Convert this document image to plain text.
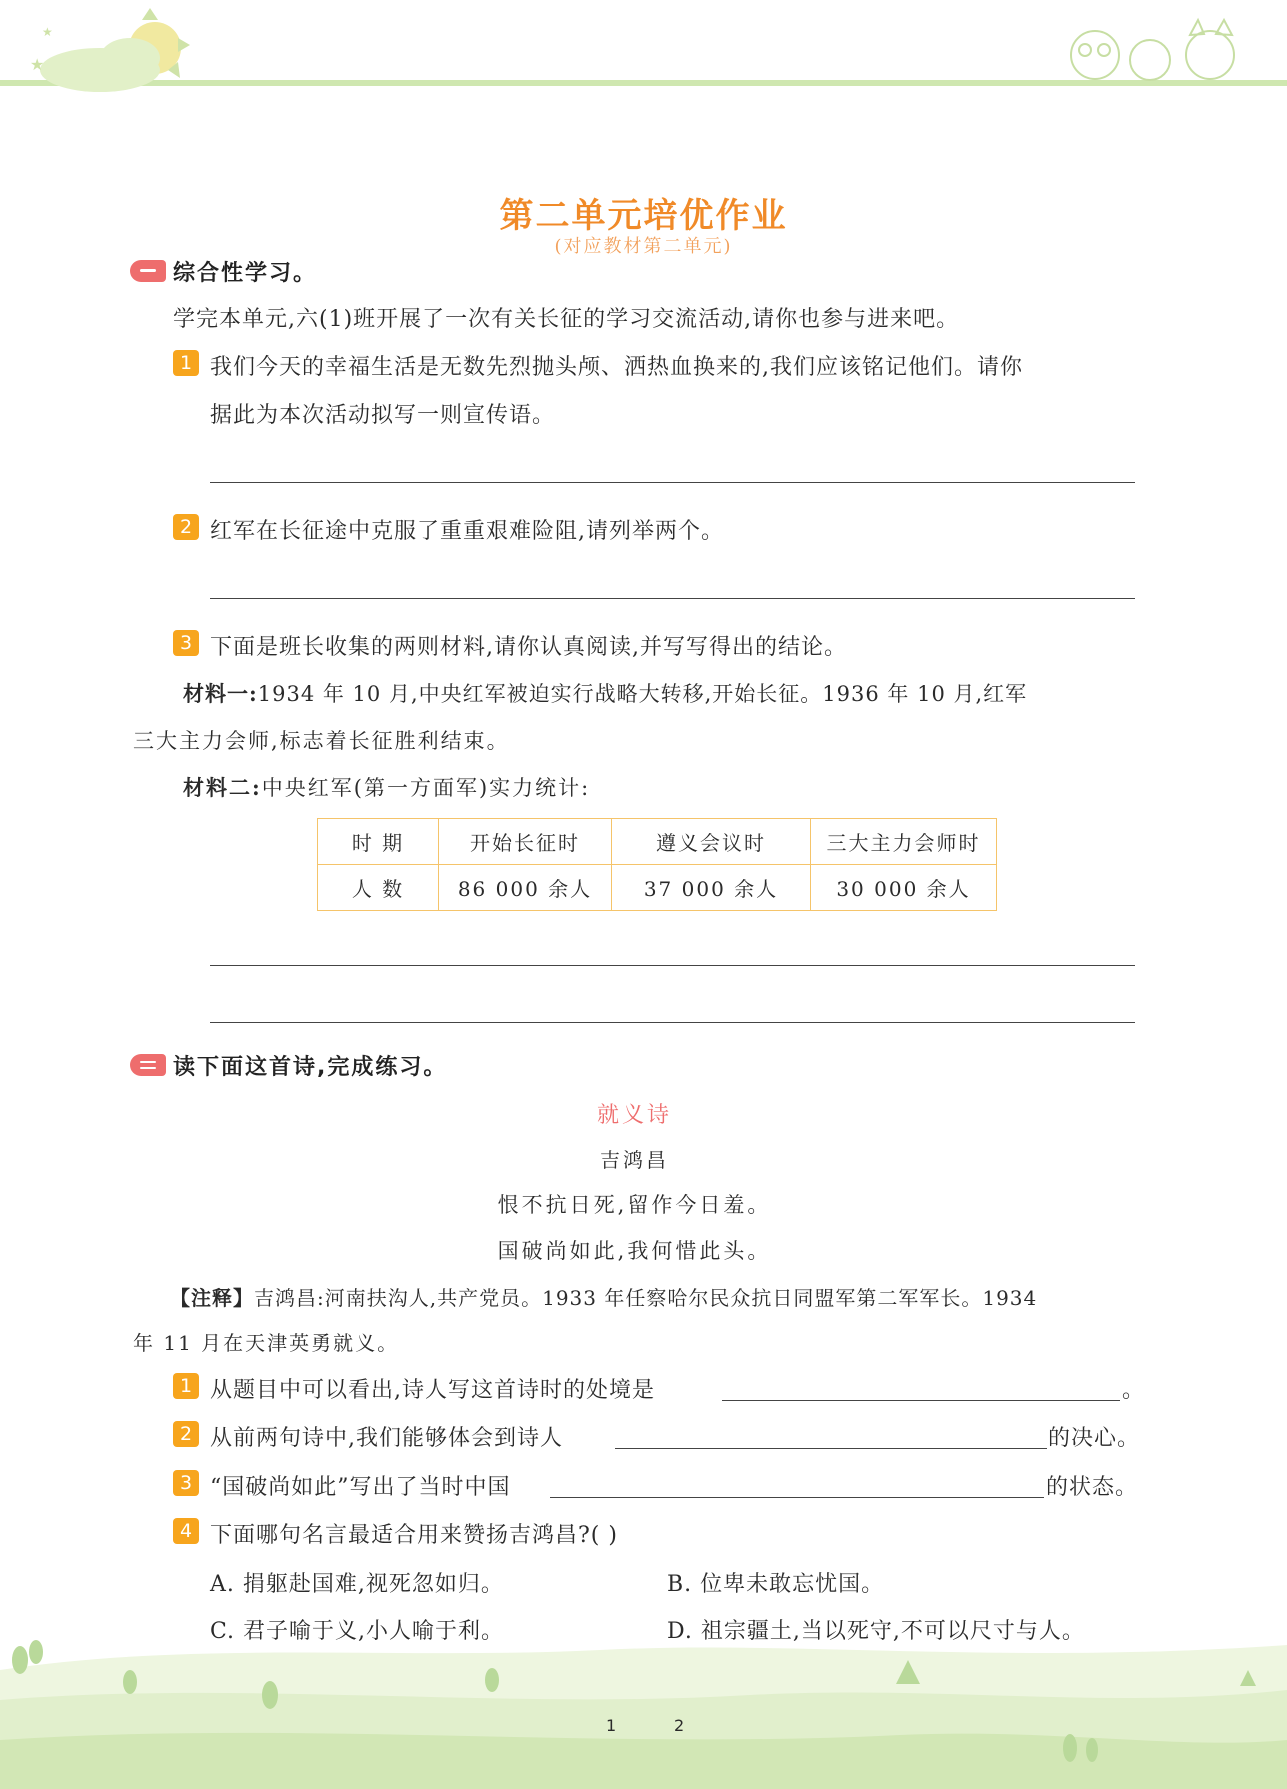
★
★
第二单元培优作业
(对应教材第二单元)
综合性学习。
学完本单元,六(1)班开展了一次有关长征的学习交流活动,请你也参与进来吧。
1 我们今天的幸福生活是无数先烈抛头颅、洒热血换来的,我们应该铭记他们。请你
据此为本次活动拟写一则宣传语。
2 红军在长征途中克服了重重艰难险阻,请列举两个。
3 下面是班长收集的两则材料,请你认真阅读,并写写得出的结论。
材料一:1934 年 10 月,中央红军被迫实行战略大转移,开始长征。1936 年 10 月,红军
三大主力会师,标志着长征胜利结束。
材料二:中央红军(第一方面军)实力统计:
时 期	开始长征时	遵义会议时	三大主力会师时
人 数	86 000 余人	37 000 余人	30 000 余人
读下面这首诗,完成练习。
就义诗
吉鸿昌
恨不抗日死,留作今日羞。
国破尚如此,我何惜此头。
【注释】吉鸿昌:河南扶沟人,共产党员。1933 年任察哈尔民众抗日同盟军第二军军长。1934
年 11 月在天津英勇就义。
1 从题目中可以看出,诗人写这首诗时的处境是	。
2 从前两句诗中,我们能够体会到诗人	的决心。
3 “国破尚如此”写出了当时中国	的状态。
4 下面哪句名言最适合用来赞扬吉鸿昌?( )
A. 捐躯赴国难,视死忽如归。	B. 位卑未敢忘忧国。
C. 君子喻于义,小人喻于利。	D. 祖宗疆土,当以死守,不可以尺寸与人。
1	2
